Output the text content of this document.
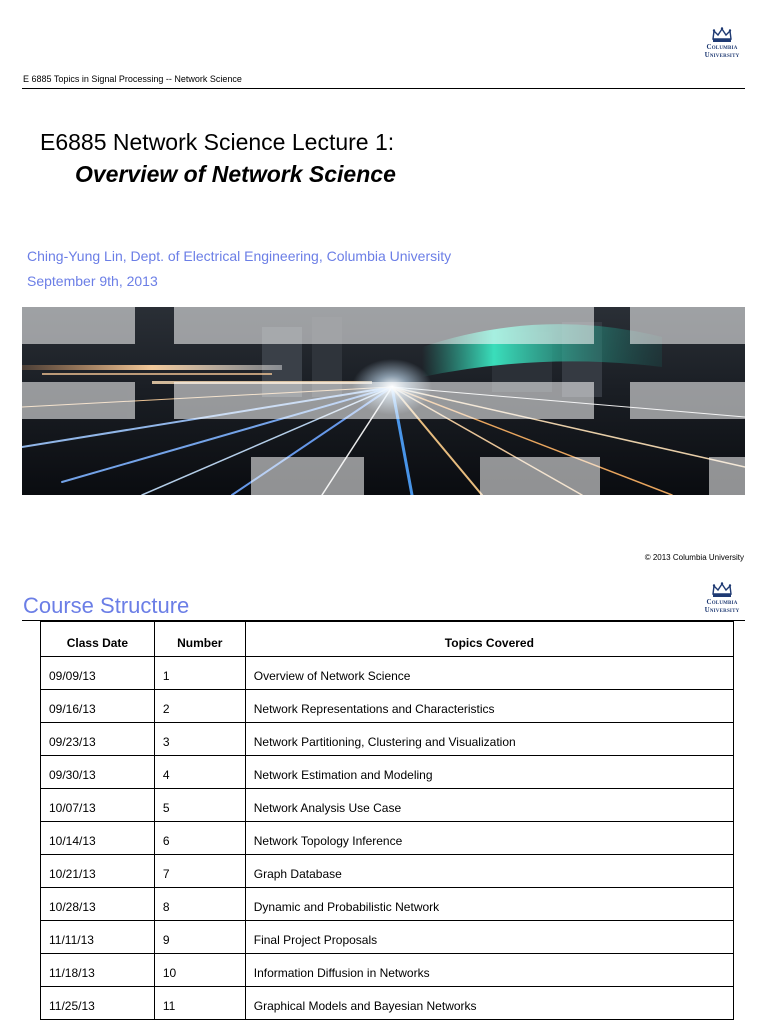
E 6885 Topics in Signal Processing -- Network Science
Columbia
University
E6885 Network Science Lecture 1:
Overview of Network Science
Ching-Yung Lin, Dept. of Electrical Engineering, Columbia University
September 9th, 2013
© 2013 Columbia University
Course Structure	Columbia
University
Class Date	Number	Topics Covered
09/09/13	1	Overview of Network Science
09/16/13	2	Network Representations and Characteristics
09/23/13	3	Network Partitioning, Clustering and Visualization
09/30/13	4	Network Estimation and Modeling
10/07/13	5	Network Analysis Use Case
10/14/13	6	Network Topology Inference
10/21/13	7	Graph Database
10/28/13	8	Dynamic and Probabilistic Network
11/11/13	9	Final Project Proposals
11/18/13	10	Information Diffusion in Networks
11/25/13	11	Graphical Models and Bayesian Networks
